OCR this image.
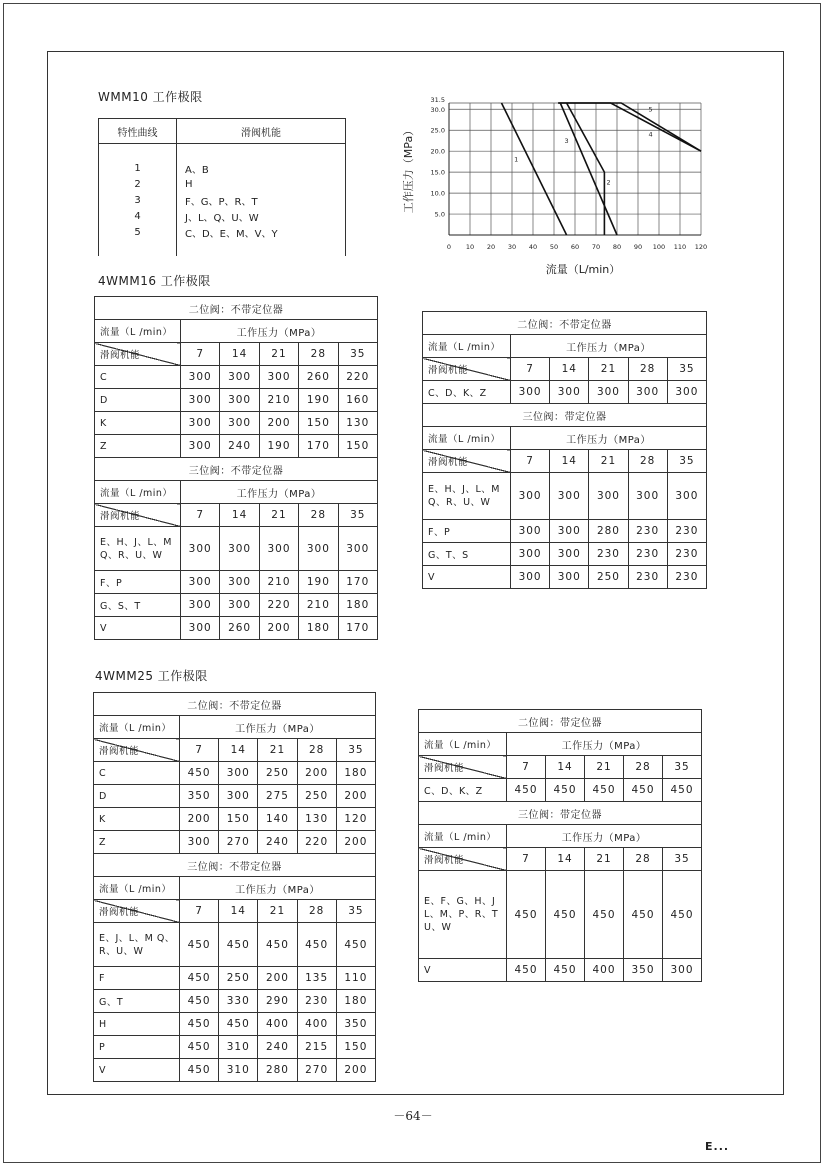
WMM10 工作极限
特性曲线	滑阀机能

1	A、B
2	H
3	F、G、P、R、T
4	J、L、Q、U、W
5	C、D、E、M、V、Y

0 10 20 30 40 50 60 70 80 90 100 110 120
5.0
10.0
15.0
20.0
25.0
30.0
31.5
流量（L/min）
工作压力（MPa）	1
2
3
4
5
4WMM16 工作极限
4WMM25 工作极限
二位阀：不带定位器					
流量（L /min）	工作压力（MPa）				
滑阀机能	7	14	21	28	35
C	300	300	300	260	220
D	300	300	210	190	160
K	300	300	200	150	130
Z	300	240	190	170	150
三位阀：不带定位器					
流量（L /min）	工作压力（MPa）				
滑阀机能	7	14	21	28	35
E、H、J、L、M Q、R、U、W	300	300	300	300	300
F、P	300	300	210	190	170
G、S、T	300	300	220	210	180
V	300	260	200	180	170
二位阀：不带定位器					
流量（L /min）	工作压力（MPa）				
滑阀机能	7	14	21	28	35
C、D、K、Z	300	300	300	300	300
三位阀：带定位器					
流量（L /min）	工作压力（MPa）				
滑阀机能	7	14	21	28	35
E、H、J、L、M Q、R、U、W	300	300	300	300	300
F、P	300	300	280	230	230
G、T、S	300	300	230	230	230
V	300	300	250	230	230
二位阀：不带定位器					
流量（L /min）	工作压力（MPa）				
滑阀机能	7	14	21	28	35
C	450	300	250	200	180
D	350	300	275	250	200
K	200	150	140	130	120
Z	300	270	240	220	200
三位阀：不带定位器					
流量（L /min）	工作压力（MPa）				
滑阀机能	7	14	21	28	35
E、J、L、M Q、R、U、W	450	450	450	450	450
F	450	250	200	135	110
G、T	450	330	290	230	180
H	450	450	400	400	350
P	450	310	240	215	150
V	450	310	280	270	200
二位阀：带定位器					
流量（L /min）	工作压力（MPa）				
滑阀机能	7	14	21	28	35
C、D、K、Z	450	450	450	450	450
三位阀：带定位器					
流量（L /min）	工作压力（MPa）				
滑阀机能	7	14	21	28	35
E、F、G、H、J L、M、P、R、T U、W	450	450	450	450	450
V	450	450	400	350	300
－64－
E...
